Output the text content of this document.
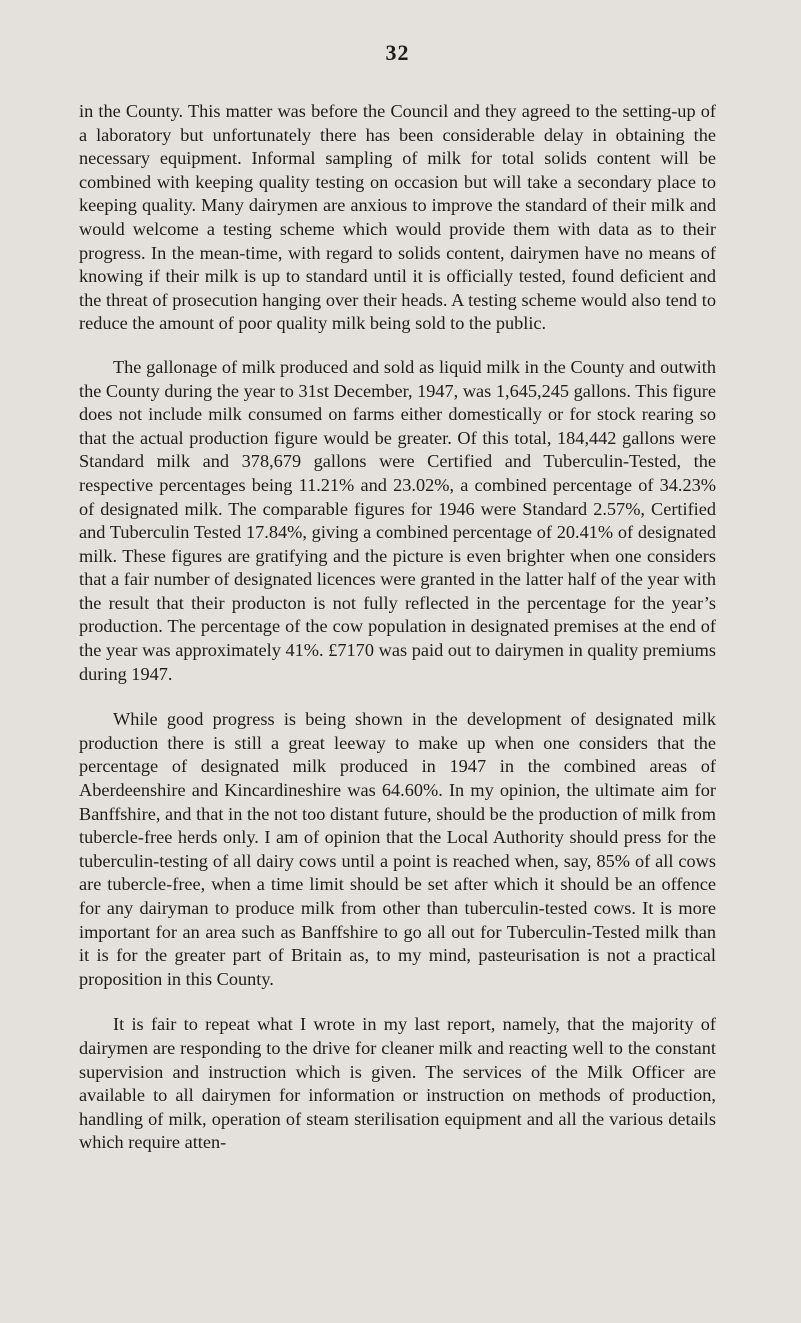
32

in the County. This matter was before the Council and they agreed to the setting-up of a laboratory but unfortunately there has been considerable delay in obtaining the necessary equipment. Informal sampling of milk for total solids content will be combined with keeping quality testing on occasion but will take a secondary place to keeping quality. Many dairymen are anxious to improve the standard of their milk and would welcome a testing scheme which would provide them with data as to their progress. In the mean-time, with regard to solids content, dairymen have no means of knowing if their milk is up to standard until it is officially tested, found deficient and the threat of prosecution hanging over their heads. A testing scheme would also tend to reduce the amount of poor quality milk being sold to the public.

The gallonage of milk produced and sold as liquid milk in the County and outwith the County during the year to 31st December, 1947, was 1,645,245 gallons. This figure does not include milk consumed on farms either domestically or for stock rearing so that the actual production figure would be greater. Of this total, 184,442 gallons were Standard milk and 378,679 gallons were Certified and Tuberculin-Tested, the respective percentages being 11.21% and 23.02%, a combined percentage of 34.23% of designated milk. The comparable figures for 1946 were Standard 2.57%, Certified and Tuberculin Tested 17.84%, giving a combined percentage of 20.41% of designated milk. These figures are gratifying and the picture is even brighter when one considers that a fair number of designated licences were granted in the latter half of the year with the result that their producton is not fully reflected in the percentage for the year’s production. The percentage of the cow population in designated premises at the end of the year was approximately 41%. £7170 was paid out to dairymen in quality premiums during 1947.

While good progress is being shown in the development of designated milk production there is still a great leeway to make up when one considers that the percentage of designated milk produced in 1947 in the combined areas of Aberdeenshire and Kincardineshire was 64.60%. In my opinion, the ultimate aim for Banffshire, and that in the not too distant future, should be the production of milk from tubercle-free herds only. I am of opinion that the Local Authority should press for the tuberculin-testing of all dairy cows until a point is reached when, say, 85% of all cows are tubercle-free, when a time limit should be set after which it should be an offence for any dairyman to produce milk from other than tuberculin-tested cows. It is more important for an area such as Banffshire to go all out for Tuberculin-Tested milk than it is for the greater part of Britain as, to my mind, pasteurisation is not a practical proposition in this County.

It is fair to repeat what I wrote in my last report, namely, that the majority of dairymen are responding to the drive for cleaner milk and reacting well to the constant supervision and instruction which is given. The services of the Milk Officer are available to all dairymen for information or instruction on methods of production, handling of milk, operation of steam sterilisation equipment and all the various details which require atten-
